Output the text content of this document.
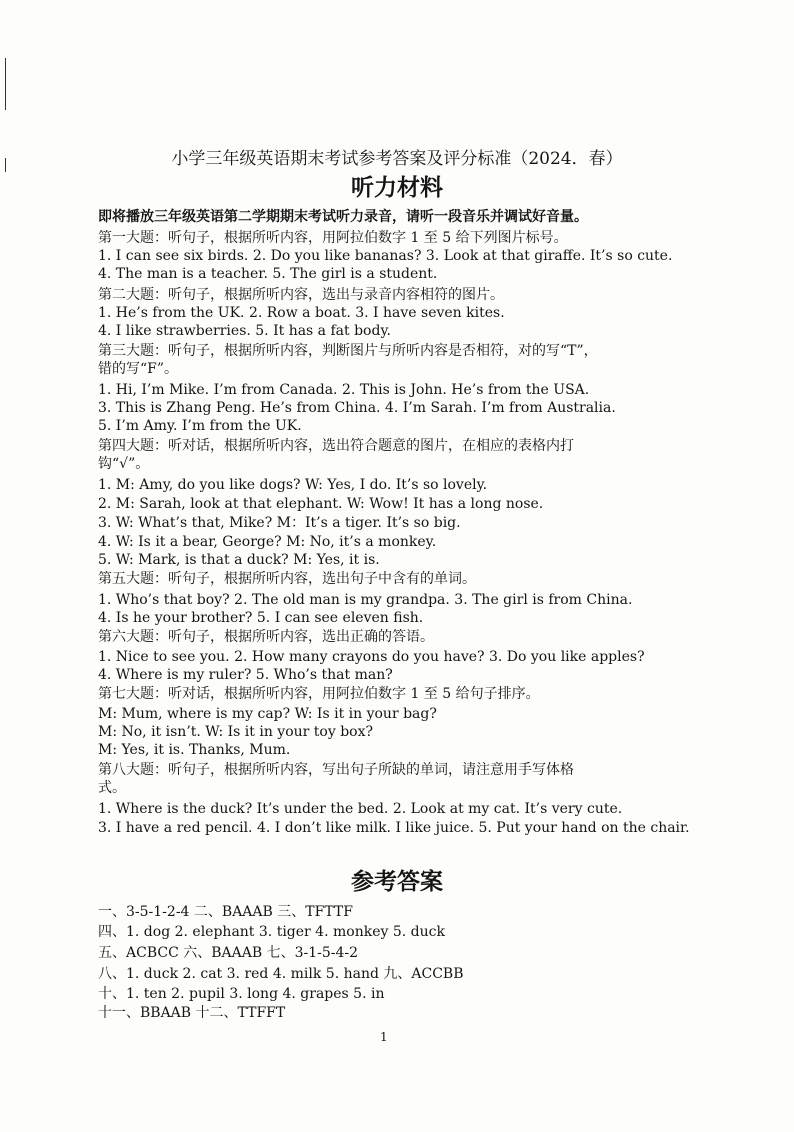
小学三年级英语期末考试参考答案及评分标准（2024．春）
听力材料
即将播放三年级英语第二学期期末考试听力录音，请听一段音乐并调试好音量。
第一大题：听句子，根据所听内容，用阿拉伯数字 1 至 5 给下列图片标号。
1. I can see six birds. 2. Do you like bananas? 3. Look at that giraffe. It’s so cute.
4. The man is a teacher. 5. The girl is a student.
第二大题：听句子，根据所听内容，选出与录音内容相符的图片。
1. He’s from the UK. 2. Row a boat. 3. I have seven kites.
4. I like strawberries. 5. It has a fat body.
第三大题：听句子，根据所听内容，判断图片与所听内容是否相符，对的写“T”，
错的写“F”。
1. Hi, I’m Mike. I’m from Canada. 2. This is John. He’s from the USA.
3. This is Zhang Peng. He’s from China. 4. I’m Sarah. I’m from Australia.
5. I’m Amy. I’m from the UK.
第四大题：听对话，根据所听内容，选出符合题意的图片，在相应的表格内打
钩“√”。
1. M: Amy, do you like dogs? W: Yes, I do. It’s so lovely.
2. M: Sarah, look at that elephant. W: Wow! It has a long nose.
3. W: What’s that, Mike? M：It’s a tiger. It’s so big.
4. W: Is it a bear, George? M: No, it’s a monkey.
5. W: Mark, is that a duck? M: Yes, it is.
第五大题：听句子，根据所听内容，选出句子中含有的单词。
1. Who’s that boy? 2. The old man is my grandpa. 3. The girl is from China.
4. Is he your brother? 5. I can see eleven fish.
第六大题：听句子，根据所听内容，选出正确的答语。
1. Nice to see you. 2. How many crayons do you have? 3. Do you like apples?
4. Where is my ruler? 5. Who’s that man?
第七大题：听对话，根据所听内容，用阿拉伯数字 1 至 5 给句子排序。
M: Mum, where is my cap? W: Is it in your bag?
M: No, it isn’t. W: Is it in your toy box?
M: Yes, it is. Thanks, Mum.
第八大题：听句子，根据所听内容，写出句子所缺的单词，请注意用手写体格
式。
1. Where is the duck? It’s under the bed. 2. Look at my cat. It’s very cute.
3. I have a red pencil. 4. I don’t like milk. I like juice. 5. Put your hand on the chair.
参考答案
一、3-5-1-2-4 二、BAAAB 三、TFTTF
四、1. dog 2. elephant 3. tiger 4. monkey 5. duck
五、ACBCC 六、BAAAB 七、3-1-5-4-2
八、1. duck 2. cat 3. red 4. milk 5. hand 九、ACCBB
十、1. ten 2. pupil 3. long 4. grapes 5. in
十一、BBAAB 十二、TTFFT
1
